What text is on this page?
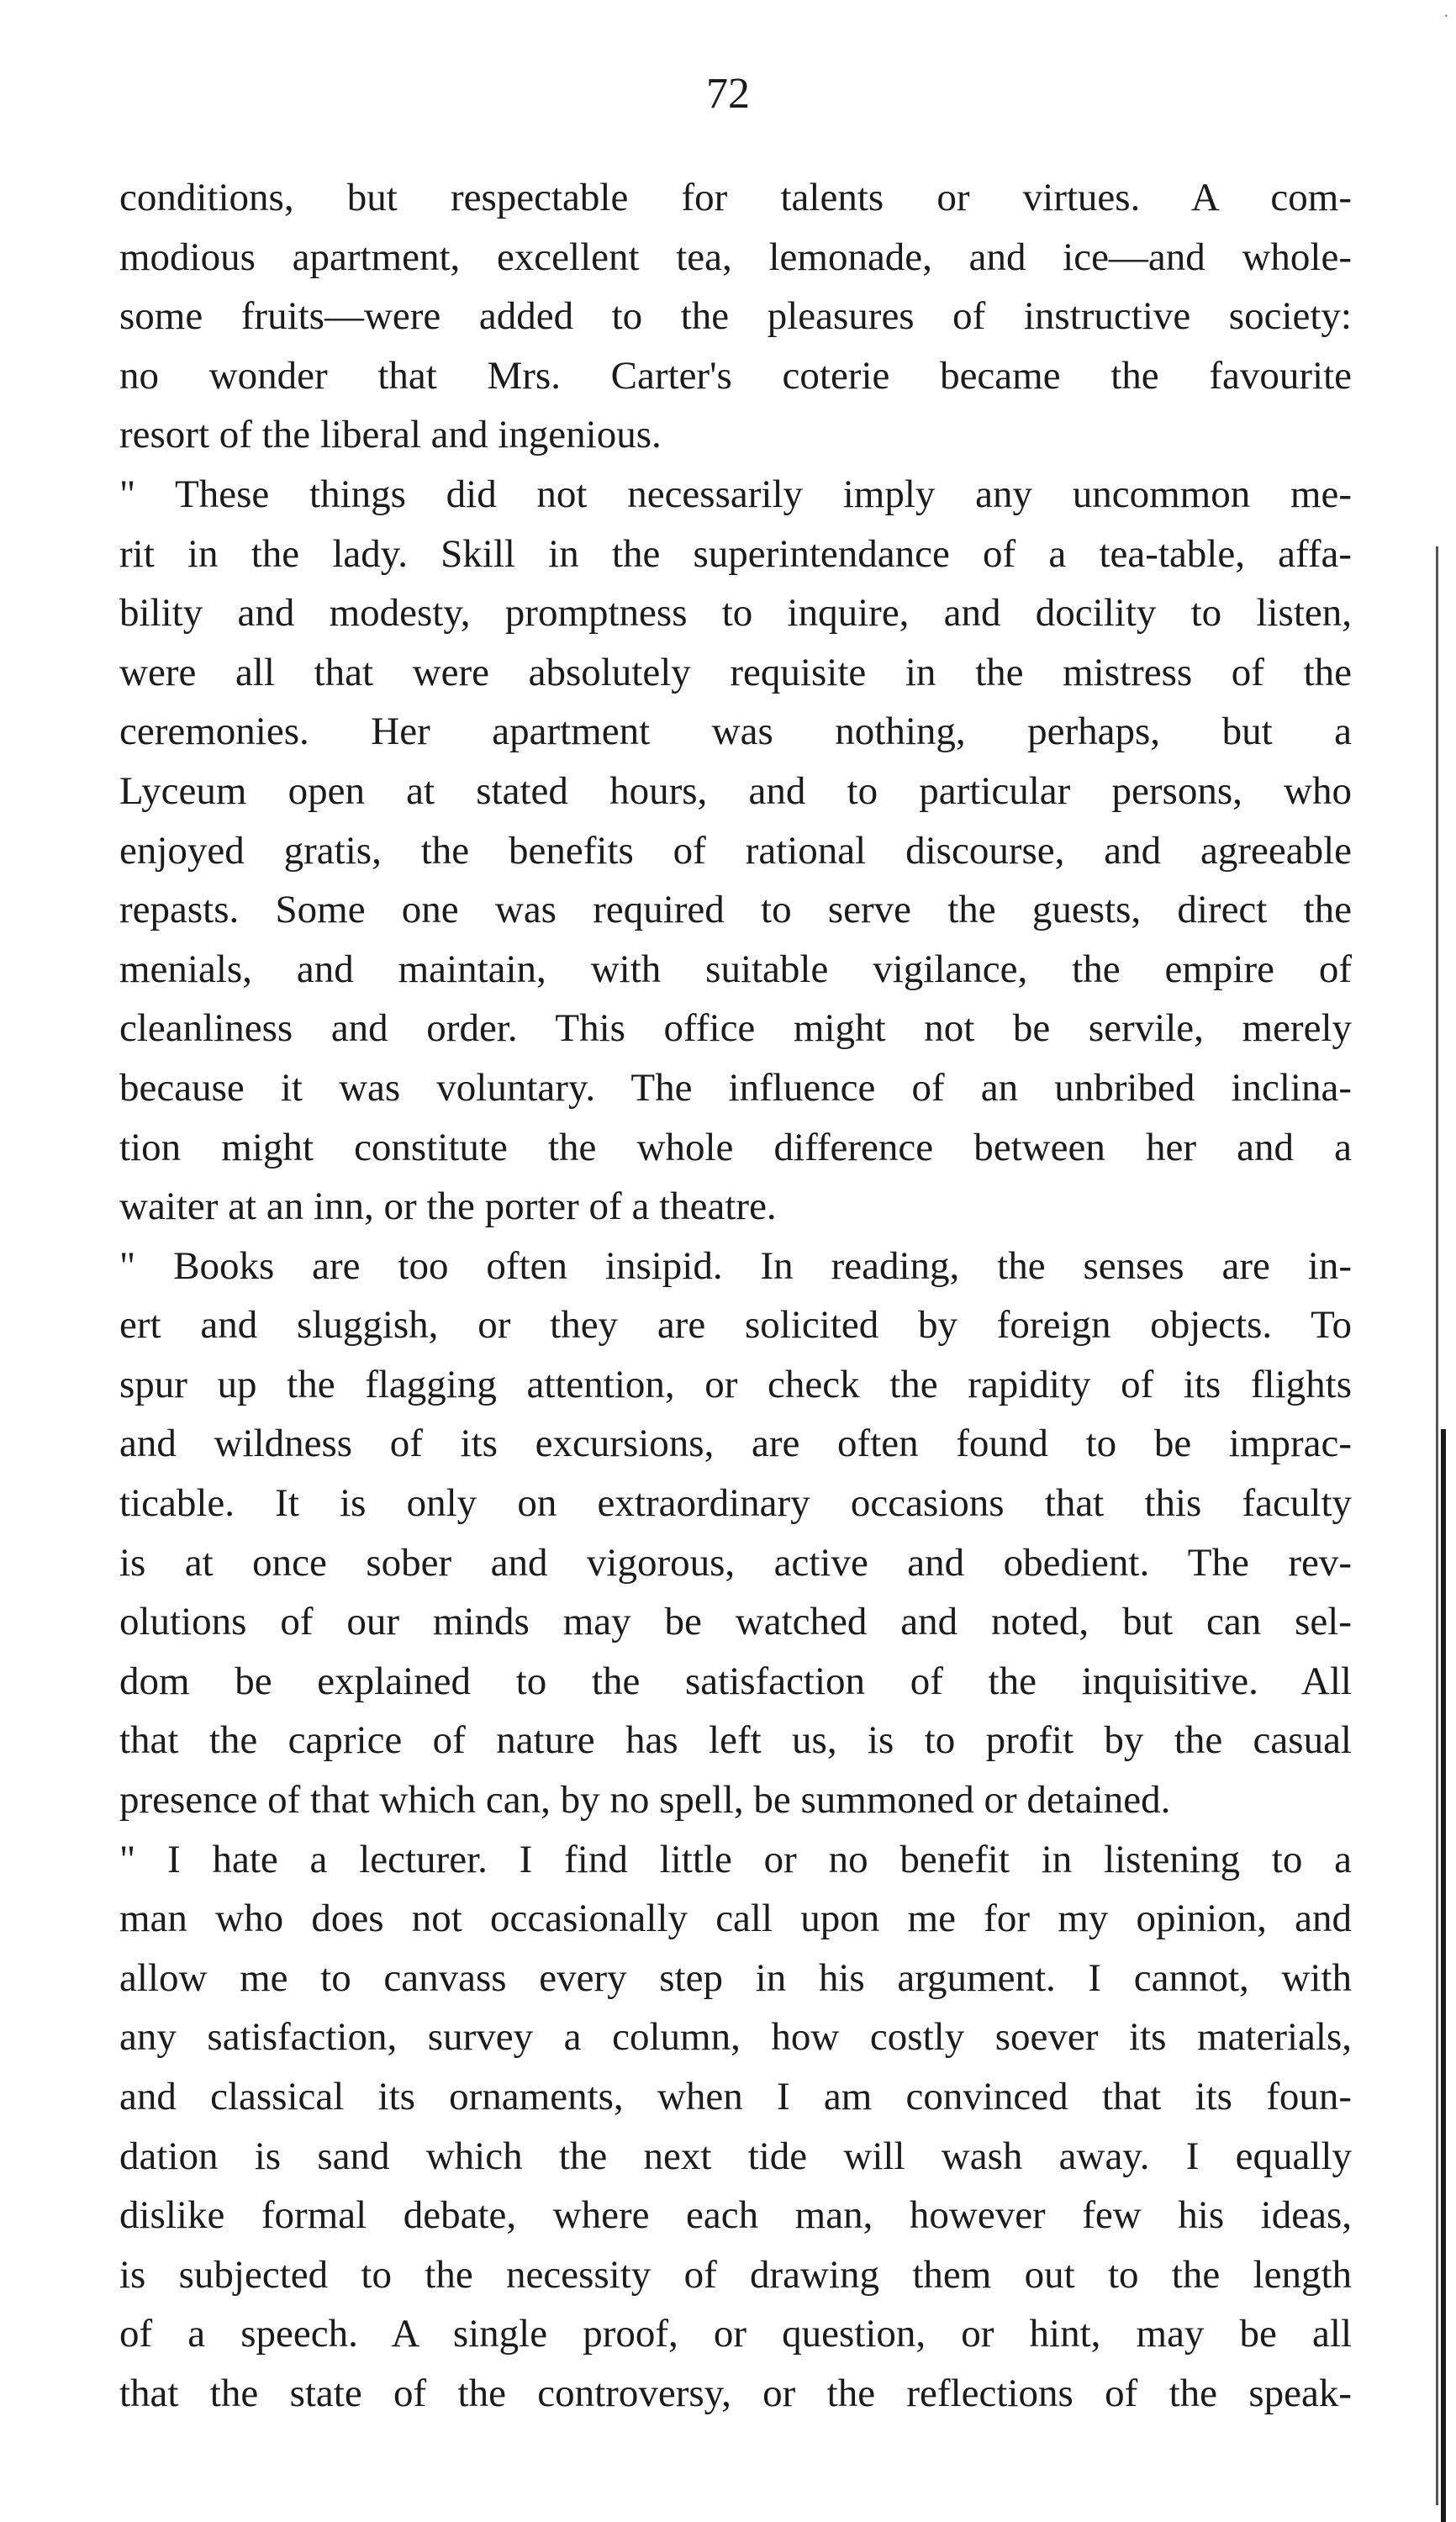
·
72
conditions, but respectable for talents or virtues. A com-
modious apartment, excellent tea, lemonade, and ice—and whole-
some fruits—were added to the pleasures of instructive society:
no wonder that Mrs. Carter's coterie became the favourite
resort of the liberal and ingenious.
" These things did not necessarily imply any uncommon me-
rit in the lady. Skill in the superintendance of a tea-table, affa-
bility and modesty, promptness to inquire, and docility to listen,
were all that were absolutely requisite in the mistress of the
ceremonies. Her apartment was nothing, perhaps, but a
Lyceum open at stated hours, and to particular persons, who
enjoyed gratis, the benefits of rational discourse, and agreeable
repasts. Some one was required to serve the guests, direct the
menials, and maintain, with suitable vigilance, the empire of
cleanliness and order. This office might not be servile, merely
because it was voluntary. The influence of an unbribed inclina-
tion might constitute the whole difference between her and a
waiter at an inn, or the porter of a theatre.
" Books are too often insipid. In reading, the senses are in-
ert and sluggish, or they are solicited by foreign objects. To
spur up the flagging attention, or check the rapidity of its flights
and wildness of its excursions, are often found to be imprac-
ticable. It is only on extraordinary occasions that this faculty
is at once sober and vigorous, active and obedient. The rev-
olutions of our minds may be watched and noted, but can sel-
dom be explained to the satisfaction of the inquisitive. All
that the caprice of nature has left us, is to profit by the casual
presence of that which can, by no spell, be summoned or detained.
" I hate a lecturer. I find little or no benefit in listening to a
man who does not occasionally call upon me for my opinion, and
allow me to canvass every step in his argument. I cannot, with
any satisfaction, survey a column, how costly soever its materials,
and classical its ornaments, when I am convinced that its foun-
dation is sand which the next tide will wash away. I equally
dislike formal debate, where each man, however few his ideas,
is subjected to the necessity of drawing them out to the length
of a speech. A single proof, or question, or hint, may be all
that the state of the controversy, or the reflections of the speak-
